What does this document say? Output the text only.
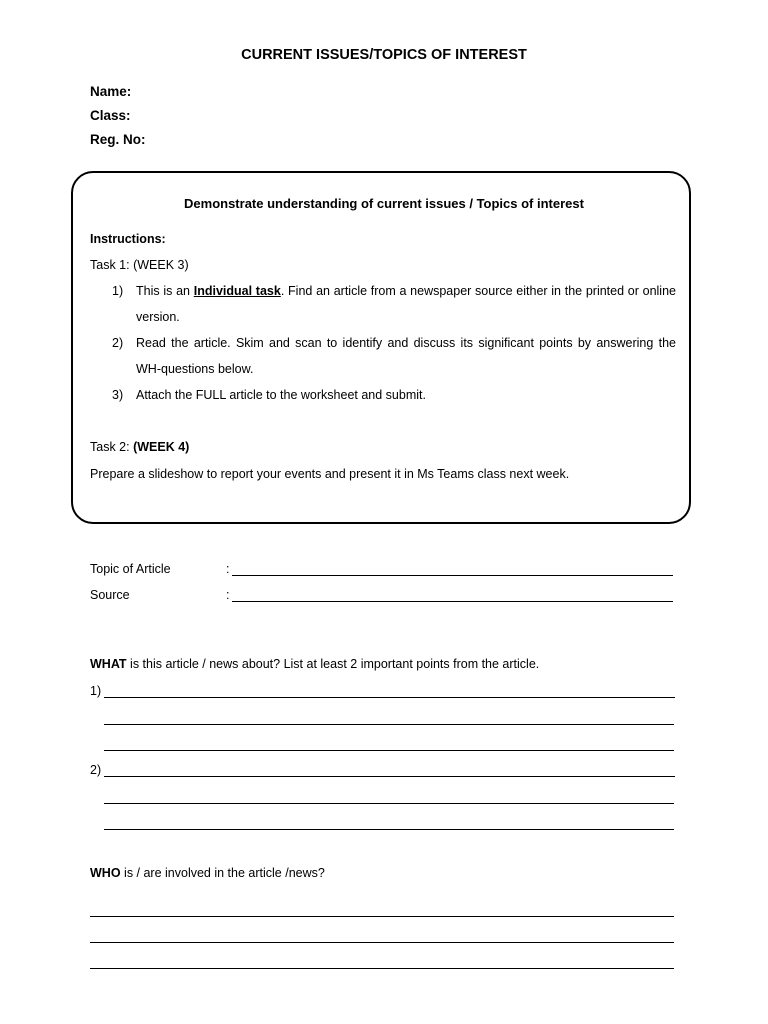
CURRENT ISSUES/TOPICS OF INTEREST
Name:
Class:
Reg. No:
Demonstrate understanding of current issues / Topics of interest
Instructions:
Task 1: (WEEK 3)
1) This is an Individual task. Find an article from a newspaper source either in the printed or online
version.
2) Read the article. Skim and scan to identify and discuss its significant points by answering the
WH-questions below.
3) Attach the FULL article to the worksheet and submit.
Task 2: (WEEK 4)
Prepare a slideshow to report your events and present it in Ms Teams class next week.
Topic of Article	:
Source	:
WHAT is this article / news about? List at least 2 important points from the article.
1)
2)
WHO is / are involved in the article /news?
